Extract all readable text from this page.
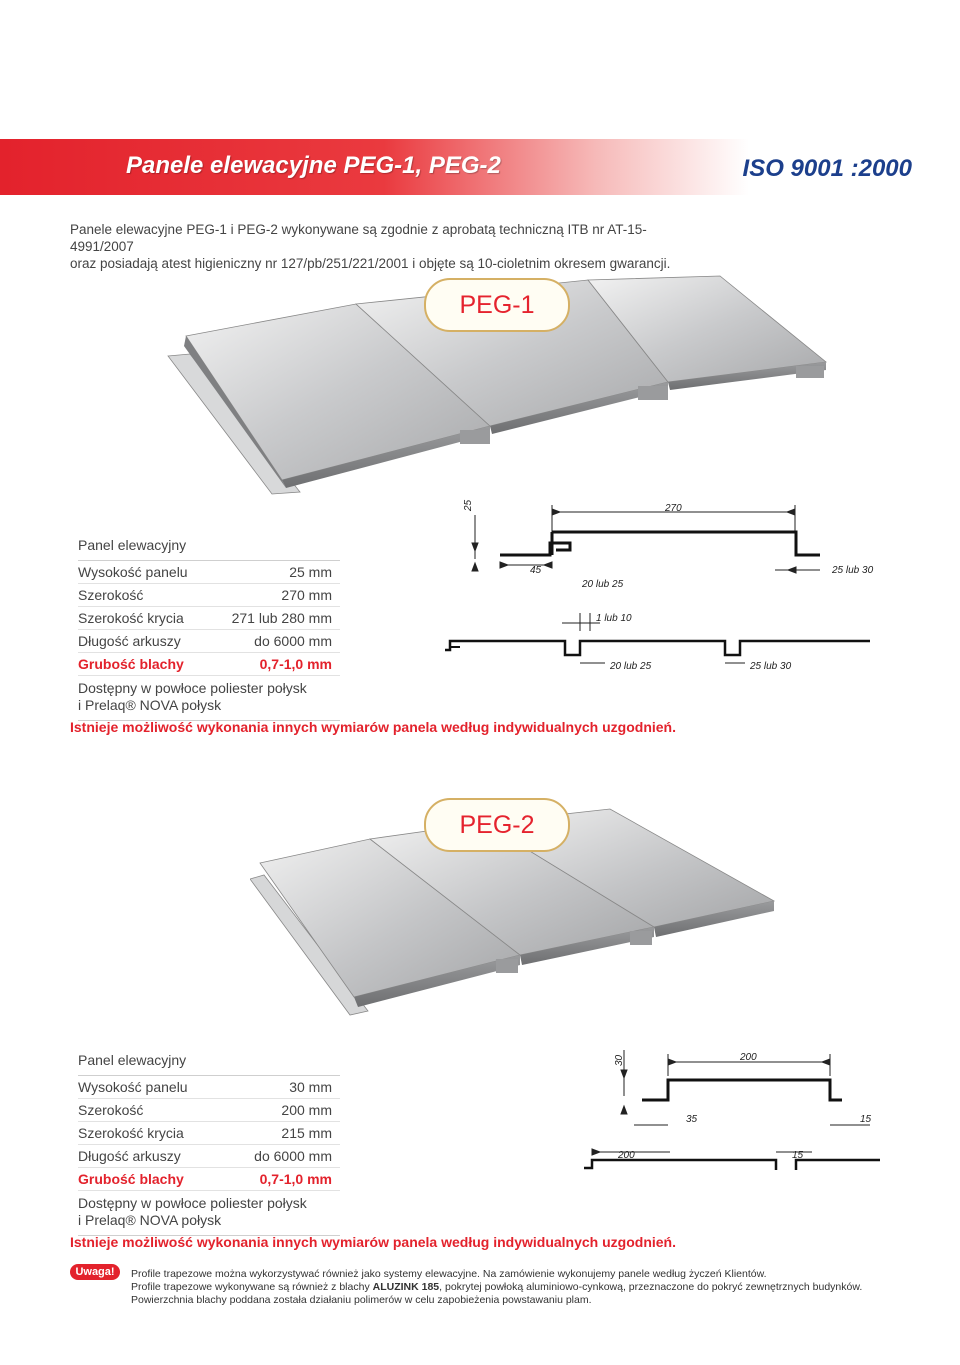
Panele elewacyjne PEG-1, PEG-2	ISO 9001 :2000
Panele elewacyjne PEG-1 i PEG-2 wykonywane są zgodnie z aprobatą techniczną ITB nr AT-15-4991/2007
oraz posiadają atest higieniczny nr 127/pb/251/221/2001 i objęte są 10-cioletnim okresem gwarancji.
PEG-1
Panel elewacyjny
Wysokość panelu	25 mm
Szerokość	270 mm
Szerokość krycia	271 lub 280 mm
Długość arkuszy	do 6000 mm
Grubość blachy	0,7-1,0 mm
Dostępny w powłoce poliester połysk
i Prelaq® NOVA połysk
25	270
45
20 lub 25
25 lub 30
1 lub 10
20 lub 25	25 lub 30
Istnieje możliwość wykonania innych wymiarów panela według indywidualnych uzgodnień.
PEG-2
Panel elewacyjny
Wysokość panelu	30 mm
Szerokość	200 mm
Szerokość krycia	215 mm
Długość arkuszy	do 6000 mm
Grubość blachy	0,7-1,0 mm
Dostępny w powłoce poliester połysk
i Prelaq® NOVA połysk
30	200
35	15
200	15
Istnieje możliwość wykonania innych wymiarów panela według indywidualnych uzgodnień.
Uwaga!	Profile trapezowe można wykorzystywać również jako systemy elewacyjne. Na zamówienie wykonujemy panele według życzeń Klientów.
Profile trapezowe wykonywane są również z blachy ALUZINK 185, pokrytej powłoką aluminiowo-cynkową, przeznaczone do pokryć zewnętrznych budynków.
Powierzchnia blachy poddana została działaniu polimerów w celu zapobieżenia powstawaniu plam.
